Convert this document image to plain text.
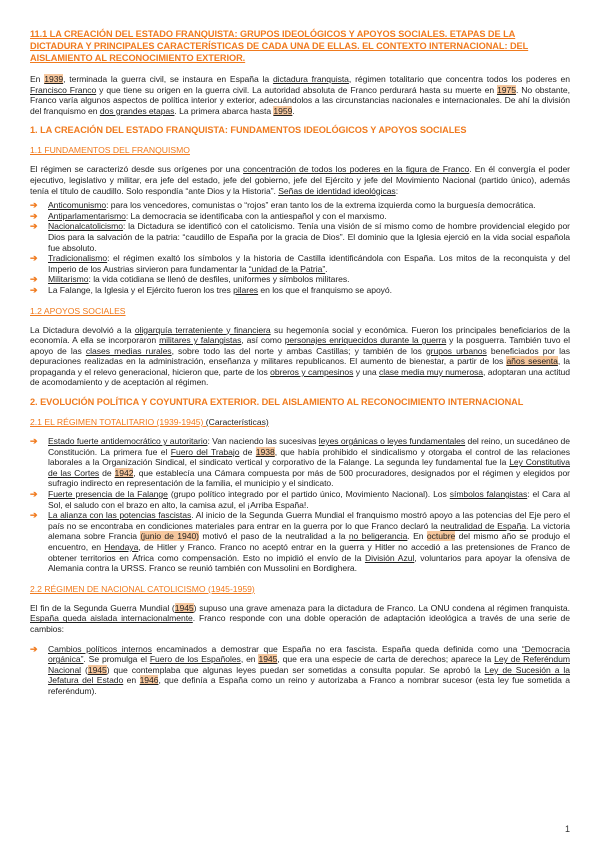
11.1 LA CREACIÓN DEL ESTADO FRANQUISTA: GRUPOS IDEOLÓGICOS Y APOYOS SOCIALES. ETAPAS DE LA DICTADURA Y PRINCIPALES CARACTERÍSTICAS DE CADA UNA DE ELLAS. EL CONTEXTO INTERNACIONAL: DEL AISLAMIENTO AL RECONOCIMIENTO EXTERIOR.

En 1939, terminada la guerra civil, se instaura en España la dictadura franquista, régimen totalitario que concentra todos los poderes en Francisco Franco y que tiene su origen en la guerra civil. La autoridad absoluta de Franco perdurará hasta su muerte en 1975. No obstante, Franco varía algunos aspectos de política interior y exterior, adecuándolos a las circunstancias nacionales e internacionales. De ahí la división del franquismo en dos grandes etapas. La primera abarca hasta 1959.

1. LA CREACIÓN DEL ESTADO FRANQUISTA: FUNDAMENTOS IDEOLÓGICOS Y APOYOS SOCIALES
1.1 FUNDAMENTOS DEL FRANQUISMO

El régimen se caracterizó desde sus orígenes por una concentración de todos los poderes en la figura de Franco. En él convergía el poder ejecutivo, legislativo y militar, era jefe del estado, jefe del gobierno, jefe del Ejército y jefe del Movimiento Nacional (partido único), además tenía el título de caudillo. Solo respondía “ante Dios y la Historia”. Señas de identidad ideológicas:

➔ Anticomunismo: para los vencedores, comunistas o “rojos” eran tanto los de la extrema izquierda como la burguesía democrática.
➔ Antiparlamentarismo: La democracia se identificaba con la antiespañol y con el marxismo.
➔ Nacionalcatolicismo: la Dictadura se identificó con el catolicismo. Tenía una visión de sí mismo como de hombre providencial elegido por Dios para la salvación de la patria: “caudillo de España por la gracia de Dios”. El dominio que la Iglesia ejerció en la vida social española fue absoluto.
➔ Tradicionalismo: el régimen exaltó los símbolos y la historia de Castilla identificándola con España. Los mitos de la reconquista y del Imperio de los Austrias sirvieron para fundamentar la “unidad de la Patria”.
➔ Militarismo: la vida cotidiana se llenó de desfiles, uniformes y símbolos militares.
➔ La Falange, la Iglesia y el Ejército fueron los tres pilares en los que el franquismo se apoyó.
1.2 APOYOS SOCIALES

La Dictadura devolvió a la oligarquía terrateniente y financiera su hegemonía social y económica. Fueron los principales beneficiarios de la economía. A ella se incorporaron militares y falangistas, así como personajes enriquecidos durante la guerra y la posguerra. También tuvo el apoyo de las clases medias rurales, sobre todo las del norte y ambas Castillas; y también de los grupos urbanos beneficiados por las depuraciones realizadas en la administración, enseñanza y militares republicanos. El aumento de bienestar, a partir de los años sesenta, la propaganda y el relevo generacional, hicieron que, parte de los obreros y campesinos y una clase media muy numerosa, adoptaran una actitud de acomodamiento y de aceptación al régimen.

2. EVOLUCIÓN POLÍTICA Y COYUNTURA EXTERIOR. DEL AISLAMIENTO AL RECONOCIMIENTO INTERNACIONAL
2.1 EL RÉGIMEN TOTALITARIO (1939-1945) (Características)
➔ Estado fuerte antidemocrático y autoritario: Van naciendo las sucesivas leyes orgánicas o leyes fundamentales del reino, un sucedáneo de Constitución. La primera fue el Fuero del Trabajo de 1938, que había prohibido el sindicalismo y otorgaba el control de las relaciones laborales a la Organización Sindical, el sindicato vertical y corporativo de la Falange. La segunda ley fundamental fue la Ley Constitutiva de las Cortes de 1942, que establecía una Cámara compuesta por más de 500 procuradores, designados por el régimen y elegidos por sufragio indirecto en representación de la familia, el municipio y el sindicato.
➔ Fuerte presencia de la Falange (grupo político integrado por el partido único, Movimiento Nacional). Los símbolos falangistas: el Cara al Sol, el saludo con el brazo en alto, la camisa azul, el ¡Arriba España!.
➔ La alianza con las potencias fascistas. Al inicio de la Segunda Guerra Mundial el franquismo mostró apoyo a las potencias del Eje pero el país no se encontraba en condiciones materiales para entrar en la guerra por lo que Franco declaró la neutralidad de España. La victoria alemana sobre Francia (junio de 1940) motivó el paso de la neutralidad a la no beligerancia. En octubre del mismo año se produjo el encuentro, en Hendaya, de Hitler y Franco. Franco no aceptó entrar en la guerra y Hitler no accedió a las pretensiones de Franco de obtener territorios en África como compensación. Esto no impidió el envío de la División Azul, voluntarios para apoyar la ofensiva de Alemania contra la URSS. Franco se reunió también con Mussolini en Bordighera.
2.2 RÉGIMEN DE NACIONAL CATOLICISMO (1945-1959)

El fin de la Segunda Guerra Mundial (1945) supuso una grave amenaza para la dictadura de Franco. La ONU condena al régimen franquista. España queda aislada internacionalmente. Franco responde con una doble operación de adaptación ideológica a través de una serie de cambios:

➔ Cambios políticos internos encaminados a demostrar que España no era fascista. España queda definida como una “Democracia orgánica”. Se promulga el Fuero de los Españoles, en 1945, que era una especie de carta de derechos; aparece la Ley de Referéndum Nacional (1945) que contemplaba que algunas leyes puedan ser sometidas a consulta popular. Se aprobó la Ley de Sucesión a la Jefatura del Estado en 1946, que definía a España como un reino y autorizaba a Franco a nombrar sucesor (esta ley fue sometida a referéndum).
1
